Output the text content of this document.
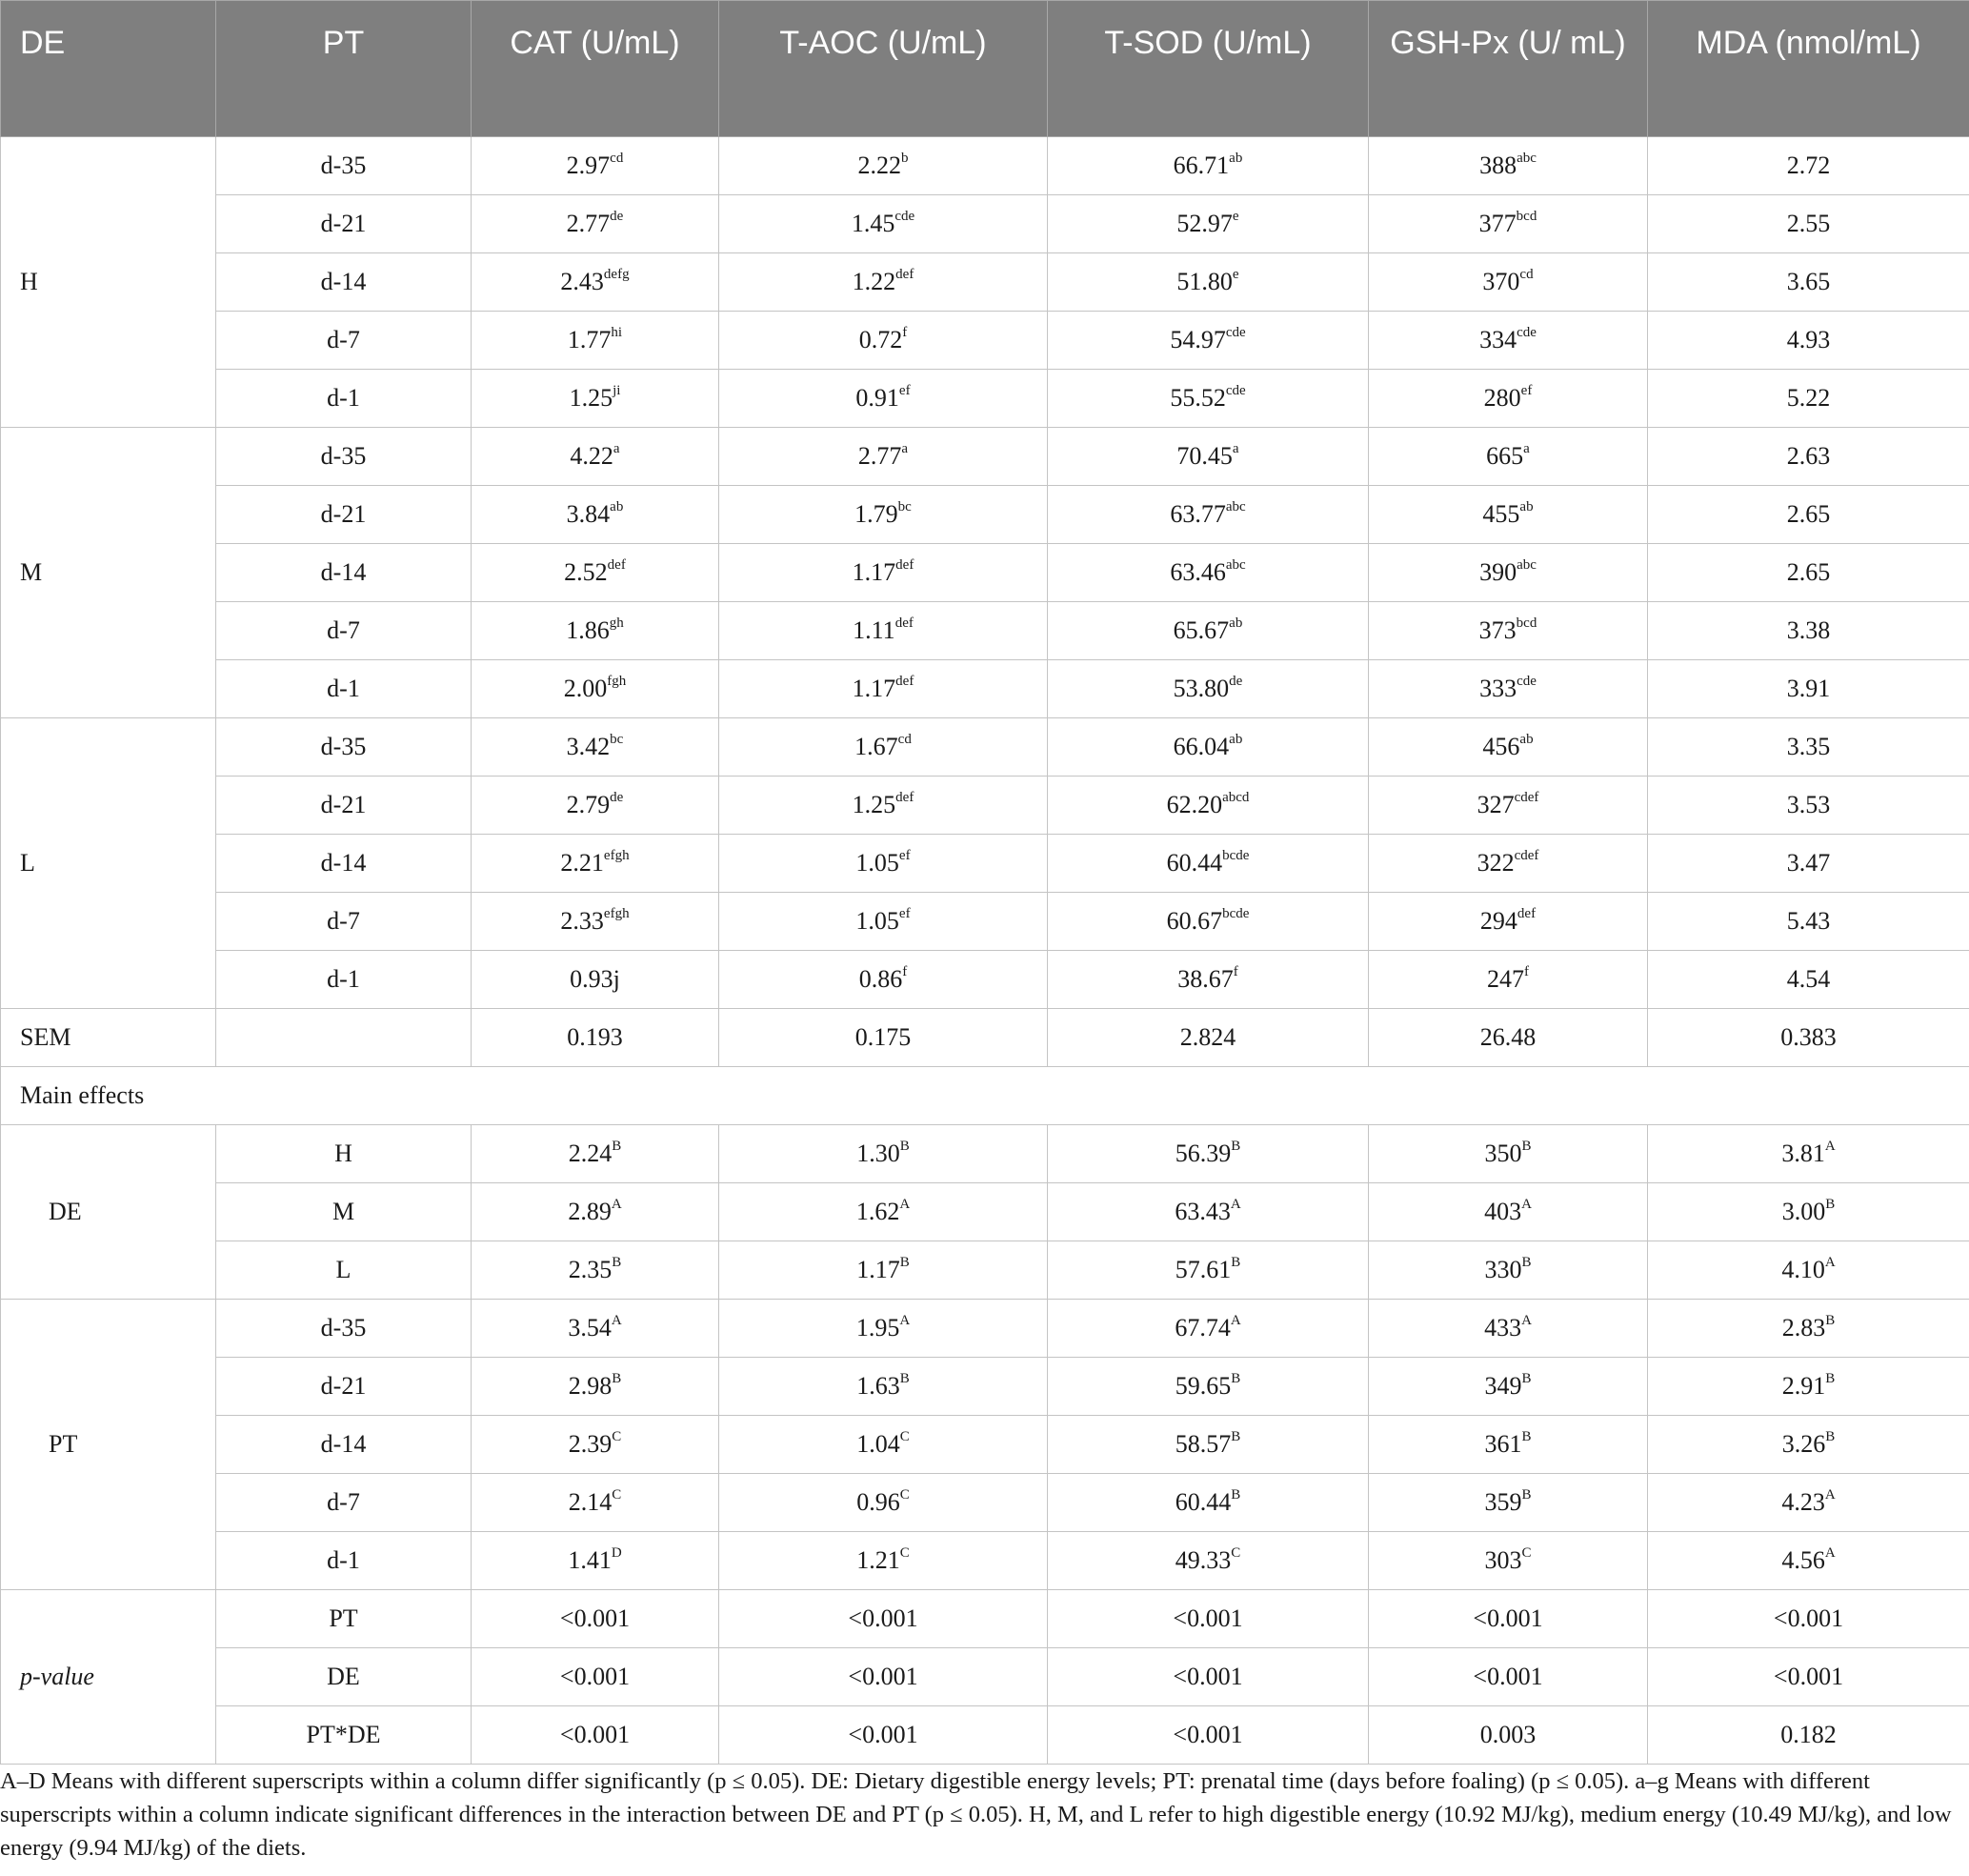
DE	PT	CAT (U/mL)	T-AOC (U/mL)	T-SOD (U/mL)	GSH-Px (U/ mL)	MDA (nmol/mL)
H	d-35	2.97$^{cd}$	2.22$^b$	66.71$^{ab}$	$388^{abc}$	2.72
	d-21	2.77de	1.45$^{cde}$	52.97e	$377^{bcd}$	2.55
	d-14	$2.43^{defg}$	1.22$^{def}$	51.80e	$370^{cd}$	3.65
	d-7	$1.77^{hi}$	0.72$^f$	54.97$^{cde}$	$334^{cde}$	4.93
	d-1	$1.25^{ji}$	0.91$^{ef}$	55.52$^{cde}$	$280^{ef}$	5.22
M	d-35	4.22$^a$	2.77$^a$	70.45$^a$	665$^a$	2.63
	d-21	3.84$^{ab}$	1.79$^{bc}$	63.77$^{abc}$	$455^{ab}$	2.65
	d-14	2.52$^{def}$	1.17$^{def}$	63.46$^{abc}$	$390^{abc}$	2.65
	d-7	1.86$^{gh}$	1.11$^{def}$	65.67$^{ab}$	$373^{bcd}$	3.38
	d-1	2.00$^{fgh}$	1.17$^{def}$	53.80de	$333^{cde}$	3.91
L	d-35	3.42$^{bc}$	1.67$^{cd}$	66.04$^{ab}$	$456^{ab}$	3.35
	d-21	2.79de	1.25$^{def}$	$62.20^{abcd}$	$327^{cdef}$	3.53
	d-14	$2.21^{efgh}$	1.05$^{ef}$	$60.44^{bcde}$	$322^{cdef}$	3.47
	d-7	$2.33^{efgh}$	1.05$^{ef}$	$60.67^{bcde}$	$294^{def}$	5.43
	d-1	0.93j	0.86$^f$	38.67$^f$	247$^f$	4.54
SEM		0.193	0.175	2.824	26.48	0.383
Main effects						
DE	H	$2.24^B$	$1.30^B$	$56.39^B$	$350^B$	$3.81^A$
	M	$2.89^A$	$1.62^A$	$63.43^A$	$403^A$	$3.00^B$
	L	$2.35^B$	$1.17^B$	$57.61^B$	$330^B$	$4.10^A$
PT	d-35	$3.54^A$	$1.95^A$	$67.74^A$	$433^A$	$2.83^B$
	d-21	$2.98^B$	$1.63^B$	$59.65^B$	$349^B$	$2.91^B$
	d-14	$2.39^C$	$1.04^C$	$58.57^B$	$361^B$	$3.26^B$
	d-7	$2.14^C$	$0.96^C$	$60.44^B$	$359^B$	$4.23^A$
	d-1	$1.41^D$	$1.21^C$	$49.33^C$	$303^C$	$4.56^A$
p-value	PT	<0.001	<0.001	<0.001	<0.001	<0.001
	DE	<0.001	<0.001	<0.001	<0.001	<0.001
	PT*DE	<0.001	<0.001	<0.001	0.003	0.182

A–D Means with different superscripts within a column differ significantly (p ≤ 0.05). DE: Dietary digestible energy levels; PT: prenatal time (days before foaling) (p ≤ 0.05). a–g Means with different superscripts within a column indicate significant differences in the interaction between DE and PT (p ≤ 0.05). H, M, and L refer to high digestible energy (10.92 MJ/kg), medium energy (10.49 MJ/kg), and low energy (9.94 MJ/kg) of the diets.
